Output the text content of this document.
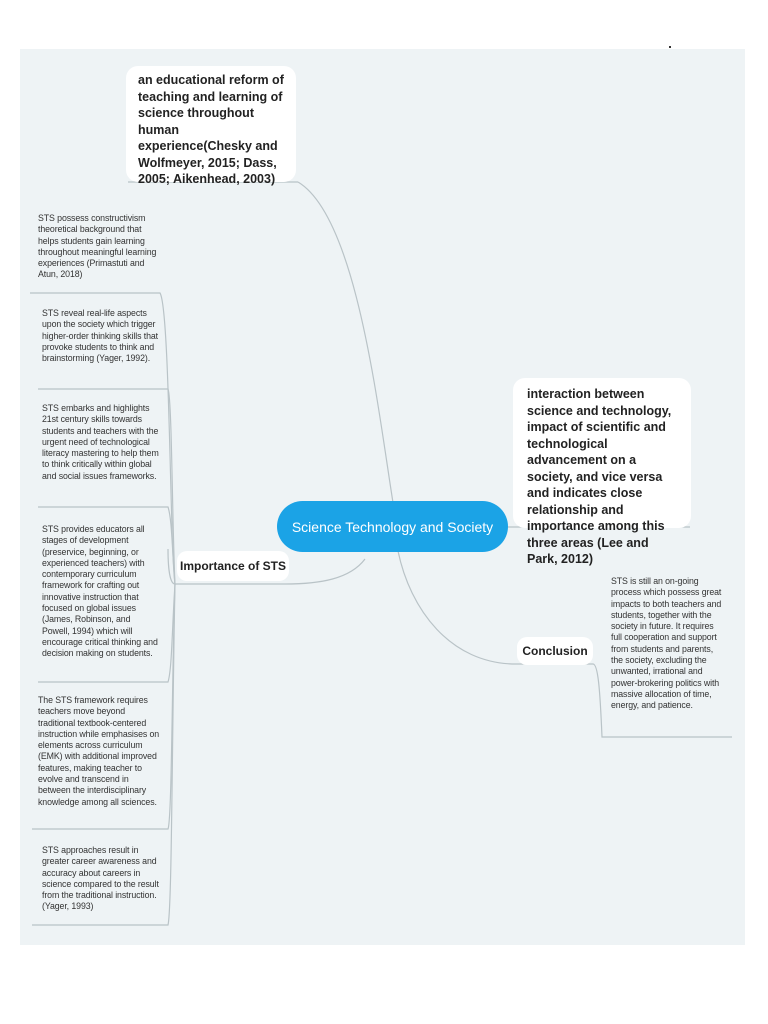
an educational reform of teaching and learning of science throughout human experience(Chesky and Wolfmeyer, 2015; Dass, 2005; Aikenhead, 2003)
interaction between science and technology, impact of scientific and technological advancement on a society, and vice versa and indicates close relationship and importance among this three areas (Lee and Park, 2012)
Science Technology and Society
Importance of STS
Conclusion
STS possess constructivism theoretical background that helps students gain learning throughout meaningful learning experiences (Primastuti and Atun, 2018)
STS reveal real-life aspects upon the society which trigger higher-order thinking skills that provoke students to think and brainstorming (Yager, 1992).
STS embarks and highlights 21st century skills towards students and teachers with the urgent need of technological literacy mastering to help them to think critically within global and social issues frameworks.
STS provides educators all stages of development (preservice, beginning, or experienced teachers) with contemporary curriculum framework for crafting out innovative instruction that focused on global issues (James, Robinson, and Powell, 1994) which will encourage critical thinking and decision making on students.
The STS framework requires teachers move beyond traditional textbook-centered instruction while emphasises on elements across curriculum (EMK) with additional improved features, making teacher to evolve and transcend in between the interdisciplinary knowledge among all sciences.
STS approaches result in greater career awareness and accuracy about careers in science compared to the result from the traditional instruction. (Yager, 1993)
STS is still an on-going process which possess great impacts to both teachers and students, together with the society in future. It requires full cooperation and support from students and parents, the society, excluding the unwanted, irrational and power-brokering politics with massive allocation of time, energy, and patience.
